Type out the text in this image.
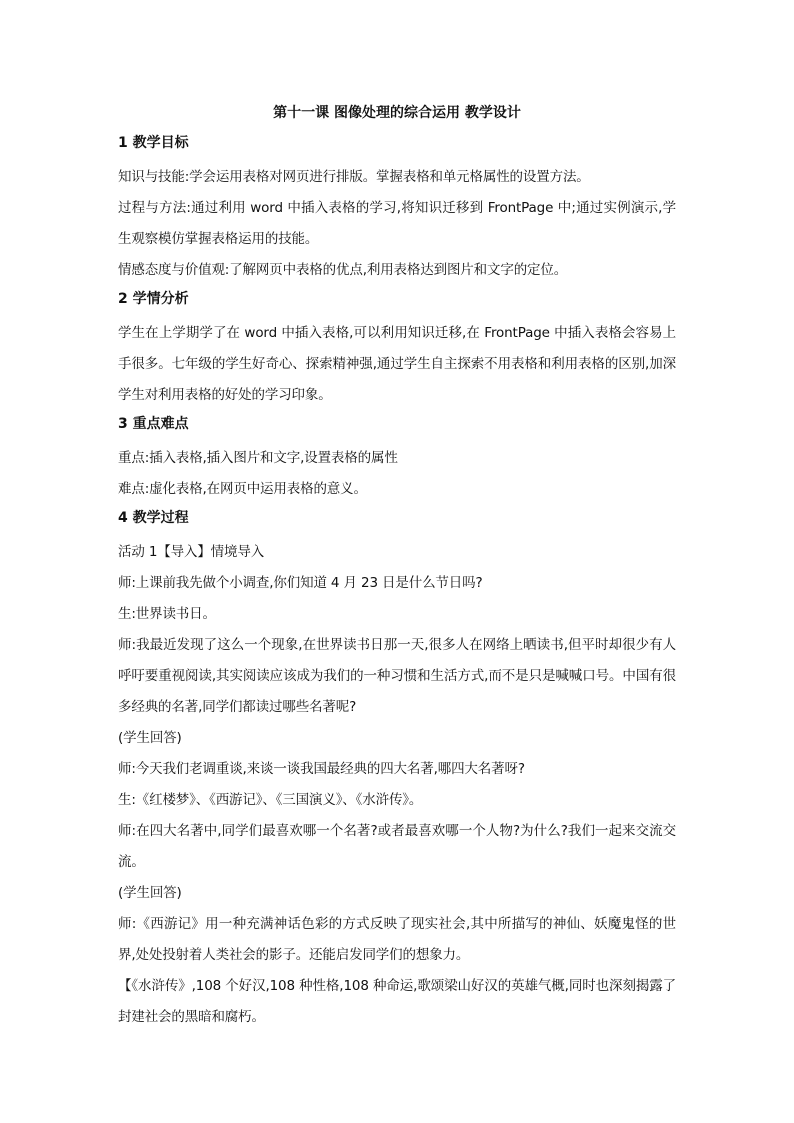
第十一课 图像处理的综合运用 教学设计
1 教学目标

知识与技能:学会运用表格对网页进行排版。掌握表格和单元格属性的设置方法。

过程与方法:通过利用 word 中插入表格的学习,将知识迁移到 FrontPage 中;通过实例演示,学生观察模仿掌握表格运用的技能。

情感态度与价值观:了解网页中表格的优点,利用表格达到图片和文字的定位。

2 学情分析

学生在上学期学了在 word 中插入表格,可以利用知识迁移,在 FrontPage 中插入表格会容易上手很多。七年级的学生好奇心、探索精神强,通过学生自主探索不用表格和利用表格的区别,加深学生对利用表格的好处的学习印象。

3 重点难点

重点:插入表格,插入图片和文字,设置表格的属性

难点:虚化表格,在网页中运用表格的意义。

4 教学过程

活动 1【导入】情境导入

师:上课前我先做个小调查,你们知道 4 月 23 日是什么节日吗?

生:世界读书日。

师:我最近发现了这么一个现象,在世界读书日那一天,很多人在网络上晒读书,但平时却很少有人呼吁要重视阅读,其实阅读应该成为我们的一种习惯和生活方式,而不是只是喊喊口号。中国有很多经典的名著,同学们都读过哪些名著呢?

(学生回答)

师:今天我们老调重谈,来谈一谈我国最经典的四大名著,哪四大名著呀?

生:《红楼梦》、《西游记》、《三国演义》、《水浒传》。

师:在四大名著中,同学们最喜欢哪一个名著?或者最喜欢哪一个人物?为什么?我们一起来交流交流。

(学生回答)

师:《西游记》用一种充满神话色彩的方式反映了现实社会,其中所描写的神仙、妖魔鬼怪的世界,处处投射着人类社会的影子。还能启发同学们的想象力。

【《水浒传》,108 个好汉,108 种性格,108 种命运,歌颂梁山好汉的英雄气概,同时也深刻揭露了封建社会的黑暗和腐朽。
